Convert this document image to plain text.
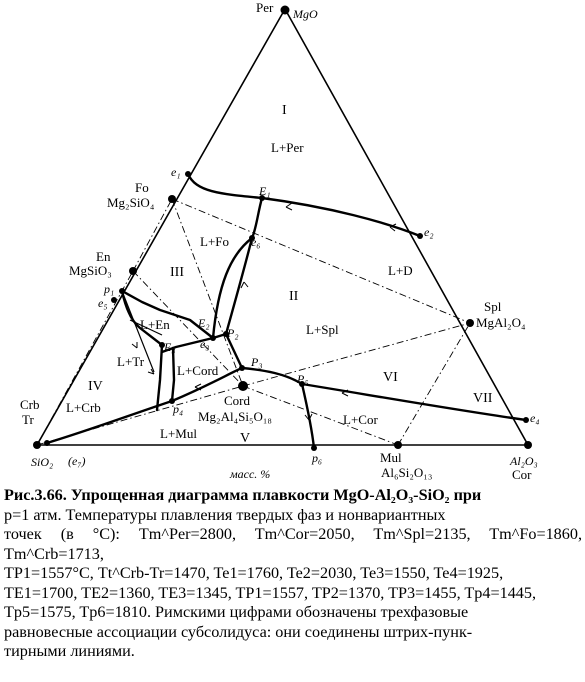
Per MgO
Crb
Tr
SiO₂ (e₇)	Al₂O₃
Cor
Fo
Mg₂SiO₄
En
MgSiO₃
Spl
MgAl₂O₄
Cord
Mg₂Al₄Si₅O₁₈
Mul
Al₆Si₂O₁₃
L+Per
L+Fo
L+D
L+En	L+Spl
L+Tr
L+Cord
L+Crb
L+Mul
L+Cor
I
II
III
IV
V
VI
VII
e₁
e₂
e₃
e₄
e₅
e₆
E₁
E₂
E₃
p₁
P₂
P₃
p₄
P₅
p₆
масс. %

Рис.3.66. Упрощенная диаграмма плавкости MgO-Al₂O₃-SiO₂ при

р=1 атм. Температуры плавления твердых фаз и нонвариантных

точек (в °С): Tm^Per=2800, Tm^Cor=2050, Tm^Spl=2135, Tm^Fo=1860, Tm^Crb=1713,

TP1=1557°С, Tt^Crb-Tr=1470, Te1=1760, Te2=2030, Te3=1550, Te4=1925,

TE1=1700, TE2=1360, TE3=1345, TP1=1557, TP2=1370, TP3=1455, Tp4=1445,

Tp5=1575, Tp6=1810. Римскими цифрами обозначены трехфазовые

равновесные ассоциации субсолидуса: они соединены штрих-пунк-

тирными линиями.
